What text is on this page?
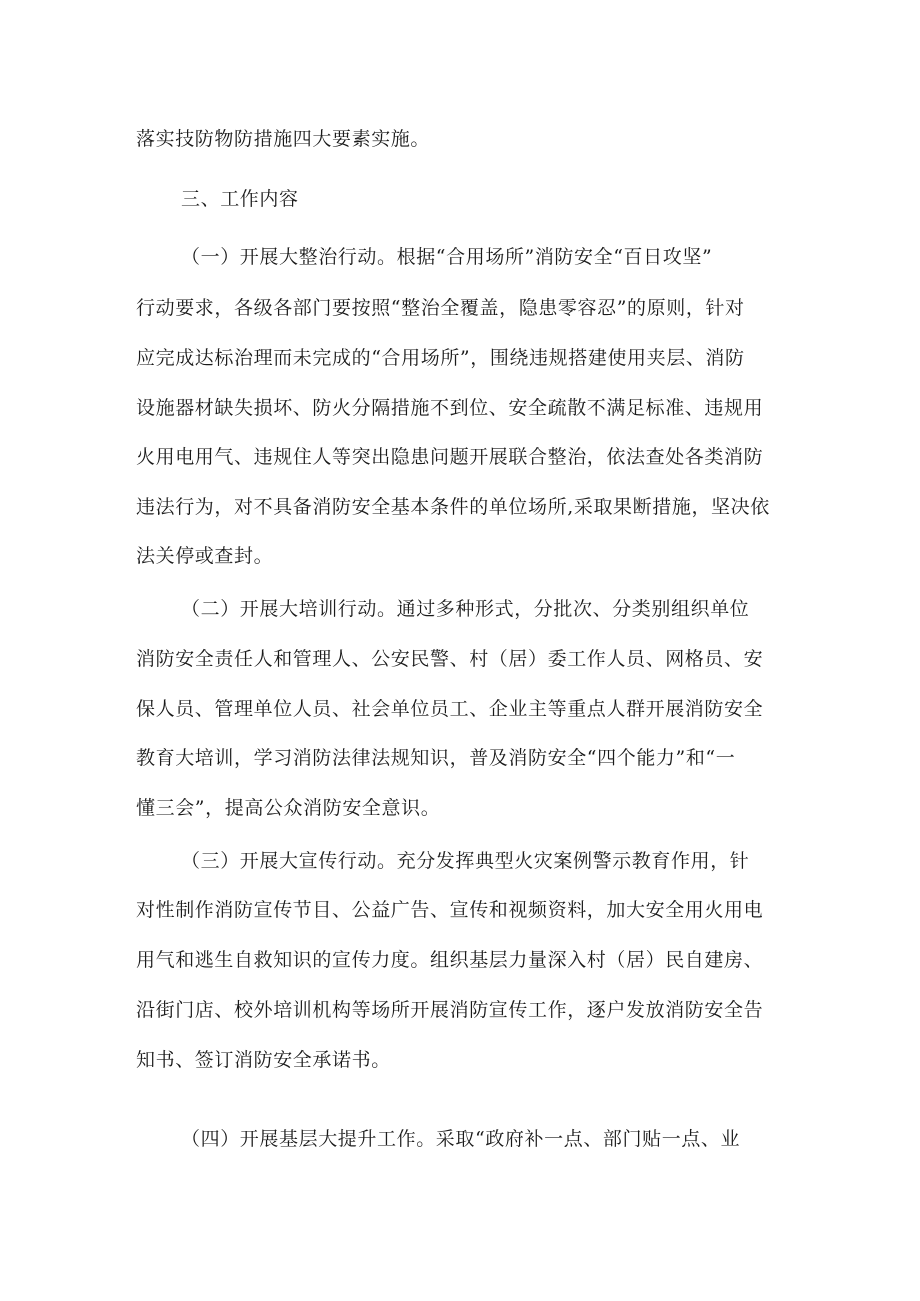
落实技防物防措施四大要素实施。
三、工作内容
（一）开展大整治行动。根据“合用场所”消防安全“百日攻坚”
行动要求，各级各部门要按照“整治全覆盖，隐患零容忍”的原则，针对
应完成达标治理而未完成的“合用场所”，围绕违规搭建使用夹层、消防
设施器材缺失损坏、防火分隔措施不到位、安全疏散不满足标准、违规用
火用电用气、违规住人等突出隐患问题开展联合整治，依法查处各类消防
违法行为，对不具备消防安全基本条件的单位场所,采取果断措施，坚决依
法关停或查封。
（二）开展大培训行动。通过多种形式，分批次、分类别组织单位
消防安全责任人和管理人、公安民警、村（居）委工作人员、网格员、安
保人员、管理单位人员、社会单位员工、企业主等重点人群开展消防安全
教育大培训，学习消防法律法规知识，普及消防安全“四个能力”和“一
懂三会”，提高公众消防安全意识。
（三）开展大宣传行动。充分发挥典型火灾案例警示教育作用，针
对性制作消防宣传节目、公益广告、宣传和视频资料，加大安全用火用电
用气和逃生自救知识的宣传力度。组织基层力量深入村（居）民自建房、
沿街门店、校外培训机构等场所开展消防宣传工作，逐户发放消防安全告
知书、签订消防安全承诺书。
（四）开展基层大提升工作。采取“政府补一点、部门贴一点、业
